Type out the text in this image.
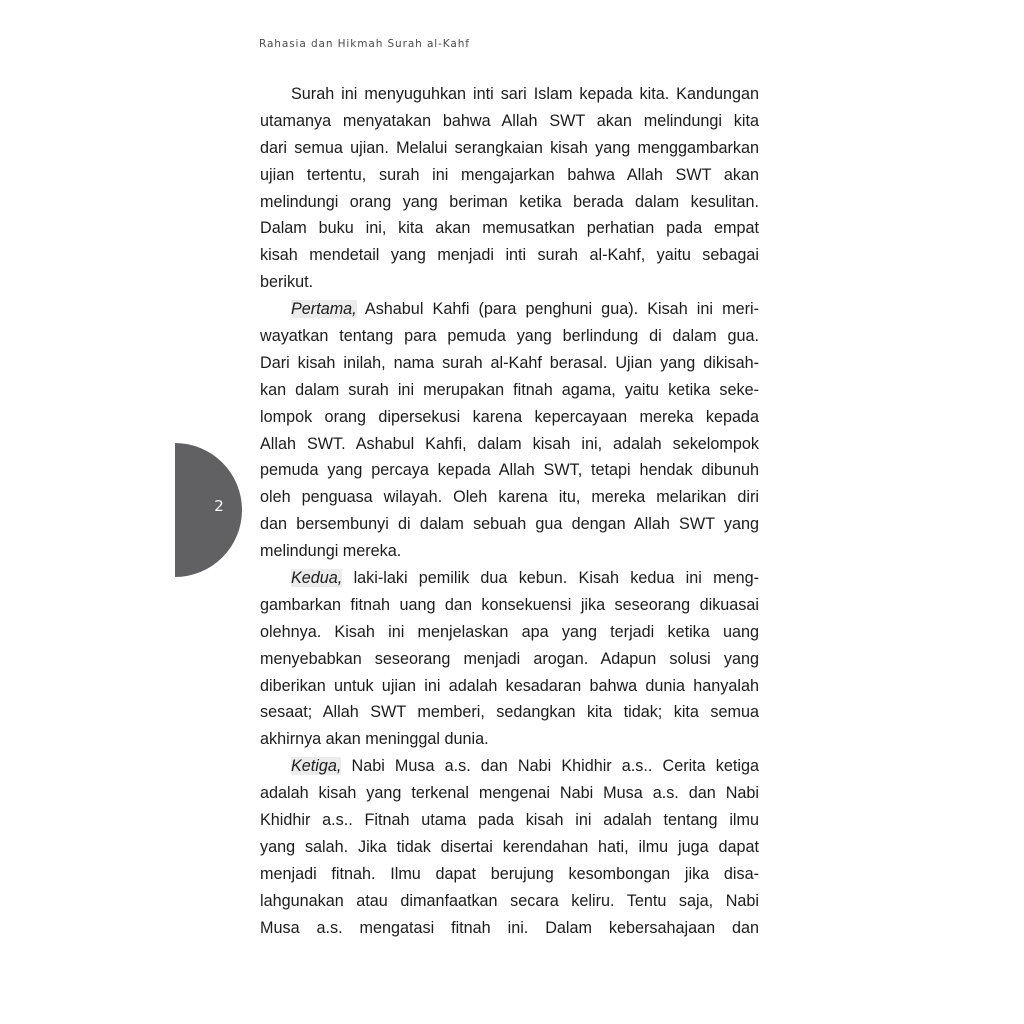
Rahasia dan Hikmah Surah al-Kahf
2
Surah ini menyuguhkan inti sari Islam kepada kita. Kandungan
utamanya menyatakan bahwa Allah SWT akan melindungi kita
dari semua ujian. Melalui serangkaian kisah yang menggambarkan
ujian tertentu, surah ini mengajarkan bahwa Allah SWT akan
melindungi orang yang beriman ketika berada dalam kesulitan.
Dalam buku ini, kita akan memusatkan perhatian pada empat
kisah mendetail yang menjadi inti surah al-Kahf, yaitu sebagai
berikut.
Pertama, Ashabul Kahfi (para penghuni gua). Kisah ini meri-
wayatkan tentang para pemuda yang berlindung di dalam gua.
Dari kisah inilah, nama surah al-Kahf berasal. Ujian yang dikisah-
kan dalam surah ini merupakan fitnah agama, yaitu ketika seke-
lompok orang dipersekusi karena kepercayaan mereka kepada
Allah SWT. Ashabul Kahfi, dalam kisah ini, adalah sekelompok
pemuda yang percaya kepada Allah SWT, tetapi hendak dibunuh
oleh penguasa wilayah. Oleh karena itu, mereka melarikan diri
dan bersembunyi di dalam sebuah gua dengan Allah SWT yang
melindungi mereka.
Kedua, laki-laki pemilik dua kebun. Kisah kedua ini meng-
gambarkan fitnah uang dan konsekuensi jika seseorang dikuasai
olehnya. Kisah ini menjelaskan apa yang terjadi ketika uang
menyebabkan seseorang menjadi arogan. Adapun solusi yang
diberikan untuk ujian ini adalah kesadaran bahwa dunia hanyalah
sesaat; Allah SWT memberi, sedangkan kita tidak; kita semua
akhirnya akan meninggal dunia.
Ketiga, Nabi Musa a.s. dan Nabi Khidhir a.s.. Cerita ketiga
adalah kisah yang terkenal mengenai Nabi Musa a.s. dan Nabi
Khidhir a.s.. Fitnah utama pada kisah ini adalah tentang ilmu
yang salah. Jika tidak disertai kerendahan hati, ilmu juga dapat
menjadi fitnah. Ilmu dapat berujung kesombongan jika disa-
lahgunakan atau dimanfaatkan secara keliru. Tentu saja, Nabi
Musa a.s. mengatasi fitnah ini. Dalam kebersahajaan dan
